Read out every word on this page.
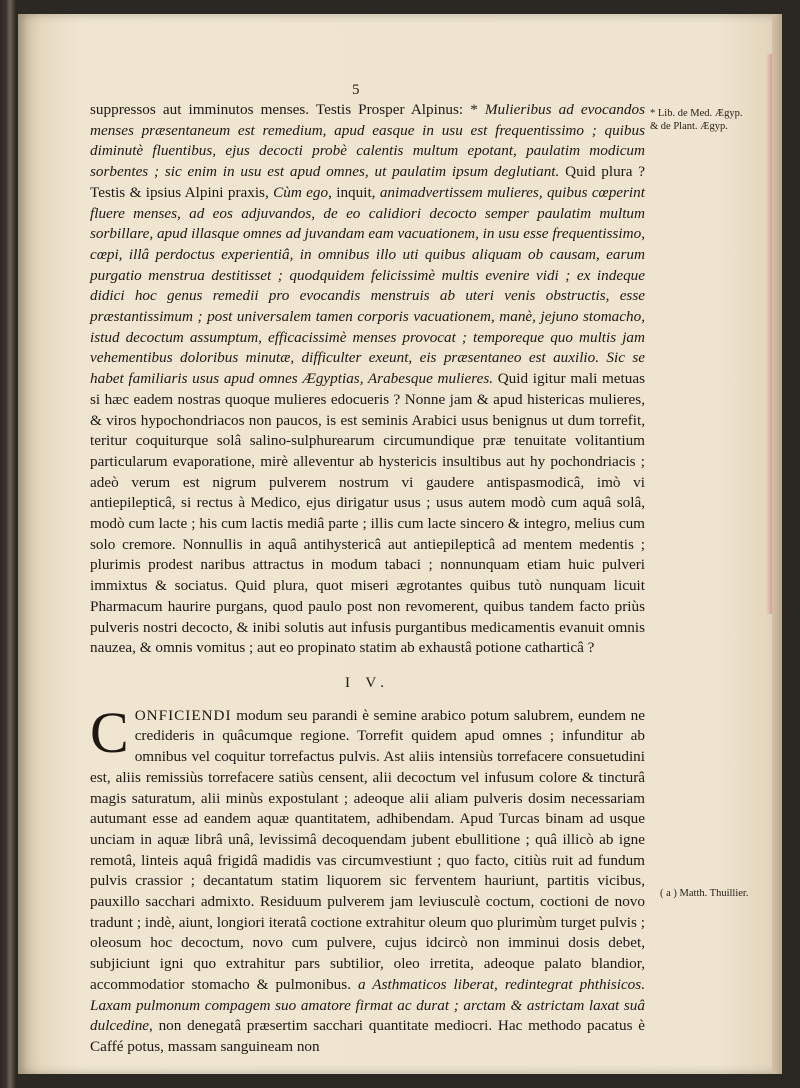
5
* Lib. de Med. Ægyp. & de Plant. Ægyp.
( a ) Matth. Thuillier.

suppressos aut imminutos menses. Testis Prosper Alpinus: * Mulieribus ad evocandos menses præsentaneum est remedium, apud easque in usu est frequentissimo ; quibus diminutè fluentibus, ejus decocti probè calentis multum epotant, paulatim modicum sorbentes ; sic enim in usu est apud omnes, ut paulatim ipsum deglutiant. Quid plura ? Testis & ipsius Alpini praxis, Cùm ego, inquit, animadvertissem mulieres, quibus cœperint fluere menses, ad eos adjuvandos, de eo calidiori decocto semper paulatim multum sorbillare, apud illasque omnes ad juvandam eam vacuationem, in usu esse frequentissimo, cœpi, illâ perdoctus experientiâ, in omnibus illo uti quibus aliquam ob causam, earum purgatio menstrua destitisset ; quodquidem felicissimè multis evenire vidi ; ex indeque didici hoc genus remedii pro evocandis menstruis ab uteri venis obstructis, esse præstantissimum ; post universalem tamen corporis vacuationem, manè, jejuno stomacho, istud decoctum assumptum, efficacissimè menses provocat ; temporeque quo multis jam vehementibus doloribus minutæ, difficulter exeunt, eis præsentaneo est auxilio. Sic se habet familiaris usus apud omnes Ægyptias, Arabesque mulieres. Quid igitur mali metuas si hæc eadem nostras quoque mulieres edocueris ? Nonne jam & apud histericas mulieres, & viros hypochondriacos non paucos, is est seminis Arabici usus benignus ut dum torrefit, teritur coquiturque solâ salino-sulphurearum circumundique præ tenuitate volitantium particularum evaporatione, mirè alleventur ab hystericis insultibus aut hy pochondriacis ; adeò verum est nigrum pulverem nostrum vi gaudere antispasmodicâ, imò vi antiepilepticâ, si rectus à Medico, ejus dirigatur usus ; usus autem modò cum aquâ solâ, modò cum lacte ; his cum lactis mediâ parte ; illis cum lacte sincero & integro, melius cum solo cremore. Nonnullis in aquâ antihystericâ aut antiepilepticâ ad mentem medentis ; plurimis prodest naribus attractus in modum tabaci ; nonnunquam etiam huic pulveri immixtus & sociatus. Quid plura, quot miseri ægrotantes quibus tutò nunquam licuit Pharmacum haurire purgans, quod paulo post non revomerent, quibus tandem facto priùs pulveris nostri decocto, & inibi solutis aut infusis purgantibus medicamentis evanuit omnis nauzea, & omnis vomitus ; aut eo propinato statim ab exhaustâ potione catharticâ ?

I V.

CONFICIENDI modum seu parandi è semine arabico potum salubrem, eundem ne credideris in quâcumque regione. Torrefit quidem apud omnes ; infunditur ab omnibus vel coquitur torrefactus pulvis. Ast aliis intensiùs torrefacere consuetudini est, aliis remissiùs torrefacere satiùs censent, alii decoctum vel infusum colore & tincturâ magis saturatum, alii minùs expostulant ; adeoque alii aliam pulveris dosim necessariam autumant esse ad eandem aquæ quantitatem, adhibendam. Apud Turcas binam ad usque unciam in aquæ librâ unâ, levissimâ decoquendam jubent ebullitione ; quâ illicò ab igne remotâ, linteis aquâ frigidâ madidis vas circumvestiunt ; quo facto, citiùs ruit ad fundum pulvis crassior ; decantatum statim liquorem sic ferventem hauriunt, partitis vicibus, pauxillo sacchari admixto. Residuum pulverem jam leviusculè coctum, coctioni de novo tradunt ; indè, aiunt, longiori iteratâ coctione extrahitur oleum quo plurimùm turget pulvis ; oleosum hoc decoctum, novo cum pulvere, cujus idcircò non imminui dosis debet, subjiciunt igni quo extrahitur pars subtilior, oleo irretita, adeoque palato blandior, accommodatior stomacho & pulmonibus. a Asthmaticos liberat, redintegrat phthisicos. Laxam pulmonum compagem suo amatore firmat ac durat ; arctam & astrictam laxat suâ dulcedine, non denegatâ præsertim sacchari quantitate mediocri. Hac methodo pacatus è Caffé potus, massam sanguineam non
